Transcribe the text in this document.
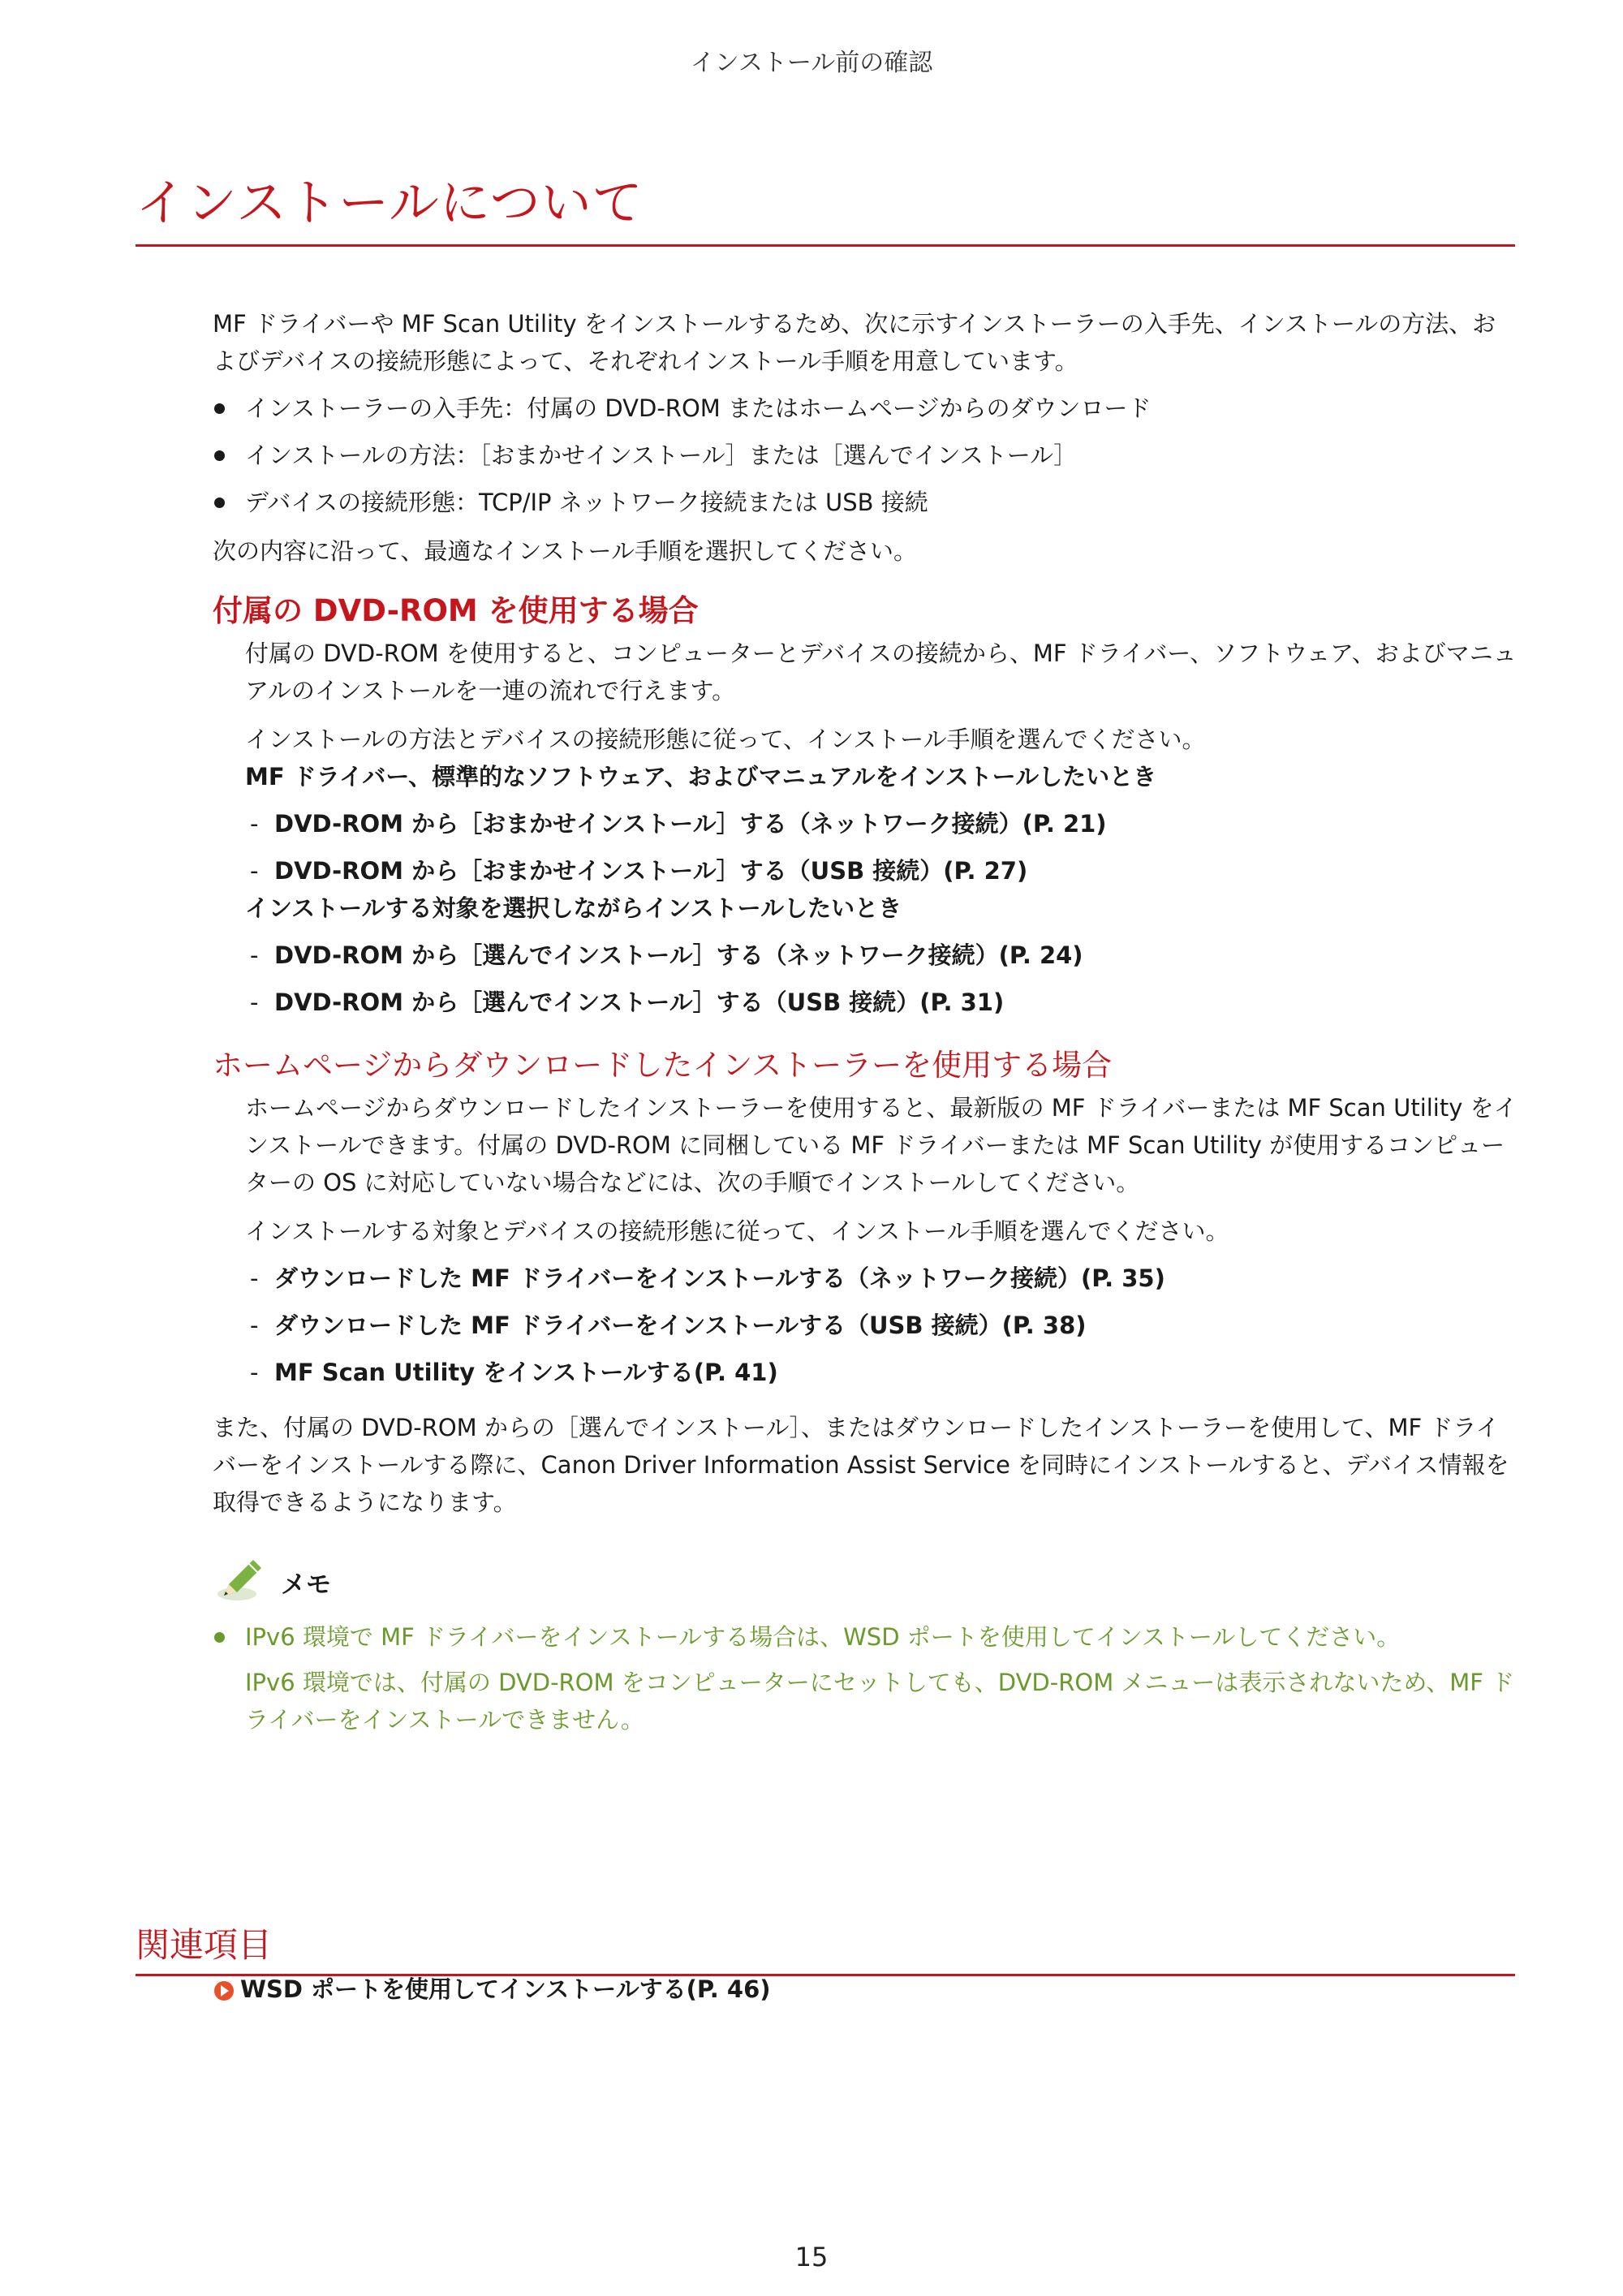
インストール前の確認
インストールについて

MF ドライバーや MF Scan Utility をインストールするため、次に示すインストーラーの入手先、インストールの方法、およびデバイスの接続形態によって、それぞれインストール手順を用意しています。

インストーラーの入手先：付属の DVD-ROM またはホームページからのダウンロード
インストールの方法：［おまかせインストール］または［選んでインストール］
デバイスの接続形態：TCP/IP ネットワーク接続または USB 接続

次の内容に沿って、最適なインストール手順を選択してください。

付属の DVD-ROM を使用する場合

付属の DVD-ROM を使用すると、コンピューターとデバイスの接続から、MF ドライバー、ソフトウェア、およびマニュアルのインストールを一連の流れで行えます。

インストールの方法とデバイスの接続形態に従って、インストール手順を選んでください。

MF ドライバー、標準的なソフトウェア、およびマニュアルをインストールしたいとき

- DVD-ROM から［おまかせインストール］する（ネットワーク接続）(P. 21)
- DVD-ROM から［おまかせインストール］する（USB 接続）(P. 27)

インストールする対象を選択しながらインストールしたいとき

- DVD-ROM から［選んでインストール］する（ネットワーク接続）(P. 24)
- DVD-ROM から［選んでインストール］する（USB 接続）(P. 31)
ホームページからダウンロードしたインストーラーを使用する場合

ホームページからダウンロードしたインストーラーを使用すると、最新版の MF ドライバーまたは MF Scan Utility をインストールできます。付属の DVD-ROM に同梱している MF ドライバーまたは MF Scan Utility が使用するコンピューターの OS に対応していない場合などには、次の手順でインストールしてください。

インストールする対象とデバイスの接続形態に従って、インストール手順を選んでください。

- ダウンロードした MF ドライバーをインストールする（ネットワーク接続）(P. 35)
- ダウンロードした MF ドライバーをインストールする（USB 接続）(P. 38)
- MF Scan Utility をインストールする(P. 41)

また、付属の DVD-ROM からの［選んでインストール］、またはダウンロードしたインストーラーを使用して、MF ドライバーをインストールする際に、Canon Driver Information Assist Service を同時にインストールすると、デバイス情報を取得できるようになります。

メモ
IPv6 環境で MF ドライバーをインストールする場合は、WSD ポートを使用してインストールしてください。

IPv6 環境では、付属の DVD-ROM をコンピューターにセットしても、DVD-ROM メニューは表示されないため、MF ドライバーをインストールできません。

関連項目
WSD ポートを使用してインストールする(P. 46)
15
